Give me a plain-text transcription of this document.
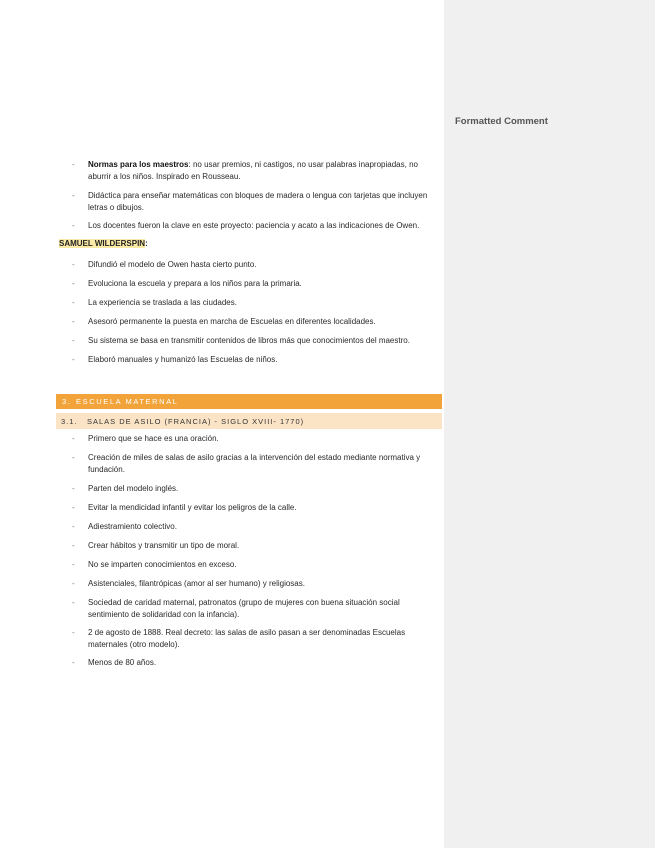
- Normas para los maestros: no usar premios, ni castigos, no usar palabras inapropiadas, no aburrir a los niños. Inspirado en Rousseau.
- Didáctica para enseñar matemáticas con bloques de madera o lengua con tarjetas que incluyen letras o dibujos.
- Los docentes fueron la clave en este proyecto: paciencia y acato a las indicaciones de Owen.
SAMUEL WILDERSPIN:
- Difundió el modelo de Owen hasta cierto punto.
- Evoluciona la escuela y prepara a los niños para la primaria.
- La experiencia se traslada a las ciudades.
- Asesoró permanente la puesta en marcha de Escuelas en diferentes localidades.
- Su sistema se basa en transmitir contenidos de libros más que conocimientos del maestro.
- Elaboró manuales y humanizó las Escuelas de niños.
3. ESCUELA MATERNAL
3.1. SALAS DE ASILO (FRANCIA) - SIGLO XVIII- 1770)
- Primero que se hace es una oración.
- Creación de miles de salas de asilo gracias a la intervención del estado mediante normativa y fundación.
- Parten del modelo inglés.
- Evitar la mendicidad infantil y evitar los peligros de la calle.
- Adiestramiento colectivo.
- Crear hábitos y transmitir un tipo de moral.
- No se imparten conocimientos en exceso.
- Asistenciales, filantrópicas (amor al ser humano) y religiosas.
- Sociedad de caridad maternal, patronatos (grupo de mujeres con buena situación social sentimiento de solidaridad con la infancia).
- 2 de agosto de 1888. Real decreto: las salas de asilo pasan a ser denominadas Escuelas maternales (otro modelo).
- Menos de 80 años.
Formatted Comment
